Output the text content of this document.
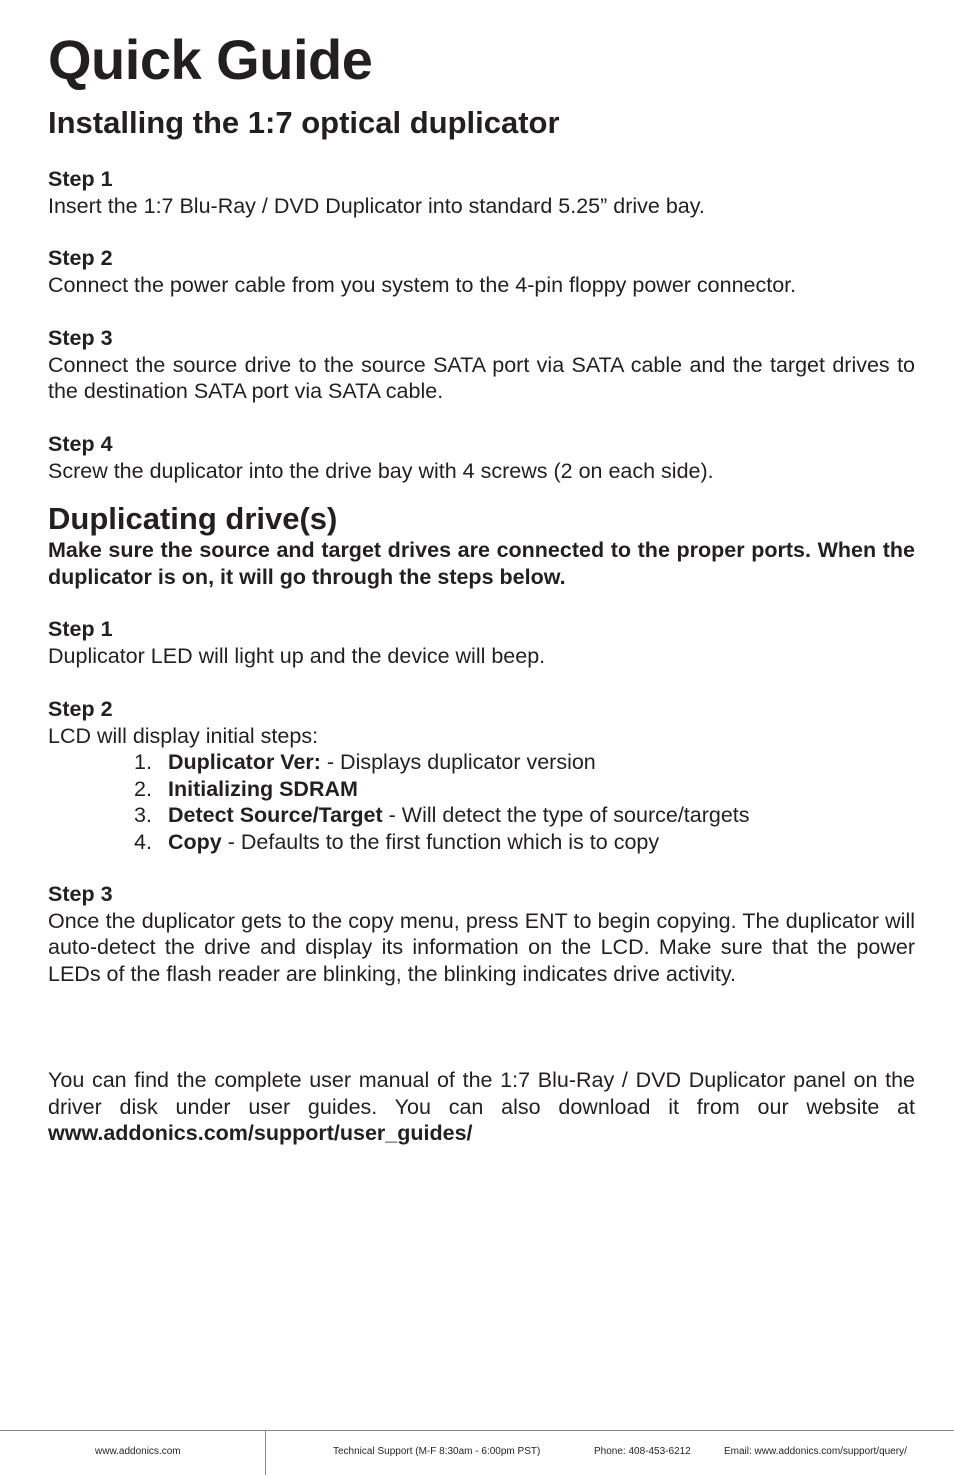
Quick Guide
Installing the 1:7 optical duplicator
Step 1
Insert the 1:7 Blu-Ray / DVD Duplicator into standard 5.25” drive bay.
Step 2
Connect the power cable from you system to the 4-pin floppy power connector.
Step 3
Connect the source drive to the source SATA port via SATA cable and the target drives to the destination SATA port via SATA cable.
Step 4
Screw the duplicator into the drive bay with 4 screws (2 on each side).
Duplicating drive(s)
Make sure the source and target drives are connected to the proper ports. When the duplicator is on, it will go through the steps below.
Step 1
Duplicator LED will light up and the device will beep.
Step 2
LCD will display initial steps:
1. Duplicator Ver: - Displays duplicator version
2. Initializing SDRAM
3. Detect Source/Target - Will detect the type of source/targets
4. Copy - Defaults to the first function which is to copy
Step 3
Once the duplicator gets to the copy menu, press ENT to begin copying. The duplicator will auto-detect the drive and display its information on the LCD. Make sure that the power LEDs of the flash reader are blinking, the blinking indicates drive activity.
You can find the complete user manual of the 1:7 Blu-Ray / DVD Duplicator panel on the driver disk under user guides. You can also download it from our website at
www.addonics.com/support/user_guides/
www.addonics.com	Technical Support (M-F 8:30am - 6:00pm PST)	Phone: 408-453-6212	Email: www.addonics.com/support/query/
